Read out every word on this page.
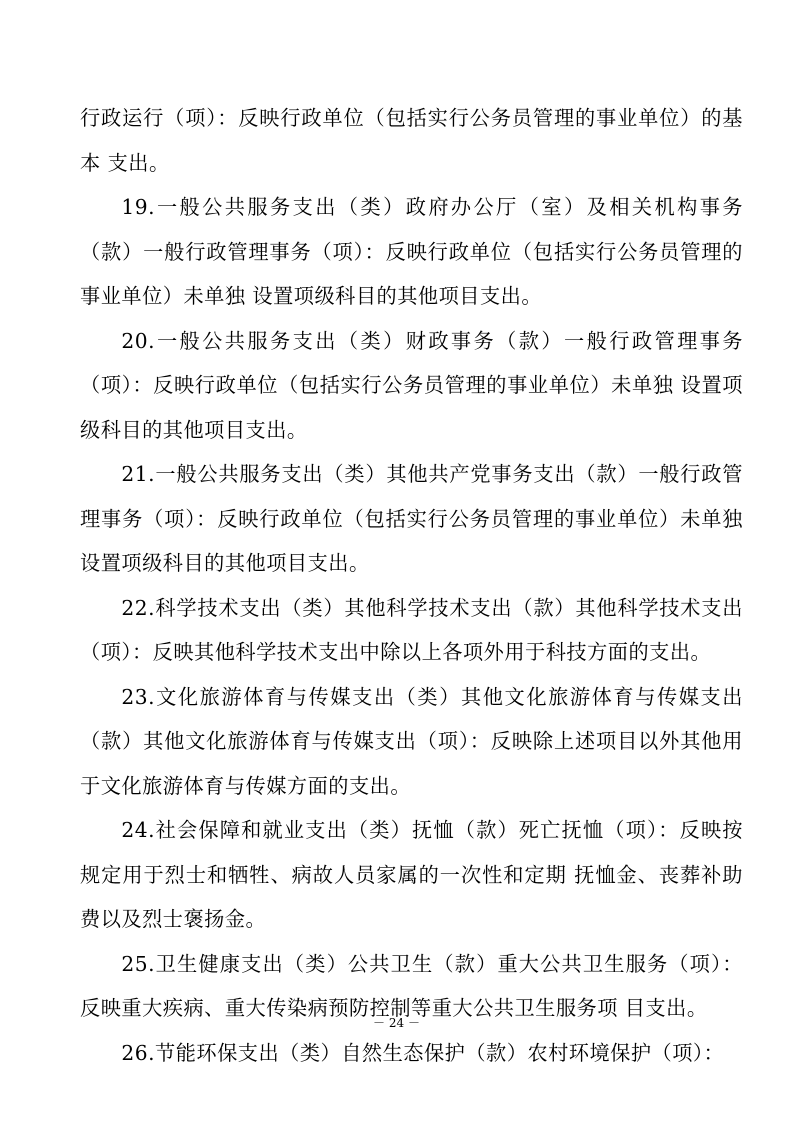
行政运行（项）：反映行政单位（包括实行公务员管理的事业单位）的基本 支出。

19.一般公共服务支出（类）政府办公厅（室）及相关机构事务（款）一般行政管理事务（项）：反映行政单位（包括实行公务员管理的事业单位）未单独 设置项级科目的其他项目支出。

20.一般公共服务支出（类）财政事务（款）一般行政管理事务（项）：反映行政单位（包括实行公务员管理的事业单位）未单独 设置项级科目的其他项目支出。

21.一般公共服务支出（类）其他共产党事务支出（款）一般行政管理事务（项）：反映行政单位（包括实行公务员管理的事业单位）未单独 设置项级科目的其他项目支出。

22.科学技术支出（类）其他科学技术支出（款）其他科学技术支出（项）：反映其他科学技术支出中除以上各项外用于科技方面的支出。

23.文化旅游体育与传媒支出（类）其他文化旅游体育与传媒支出（款）其他文化旅游体育与传媒支出（项）：反映除上述项目以外其他用于文化旅游体育与传媒方面的支出。

24.社会保障和就业支出（类）抚恤（款）死亡抚恤（项）：反映按规定用于烈士和牺牲、病故人员家属的一次性和定期 抚恤金、丧葬补助费以及烈士褒扬金。

25.卫生健康支出（类）公共卫生（款）重大公共卫生服务（项）：反映重大疾病、重大传染病预防控制等重大公共卫生服务项 目支出。

26.节能环保支出（类）自然生态保护（款）农村环境保护（项）：

－ 24 －
